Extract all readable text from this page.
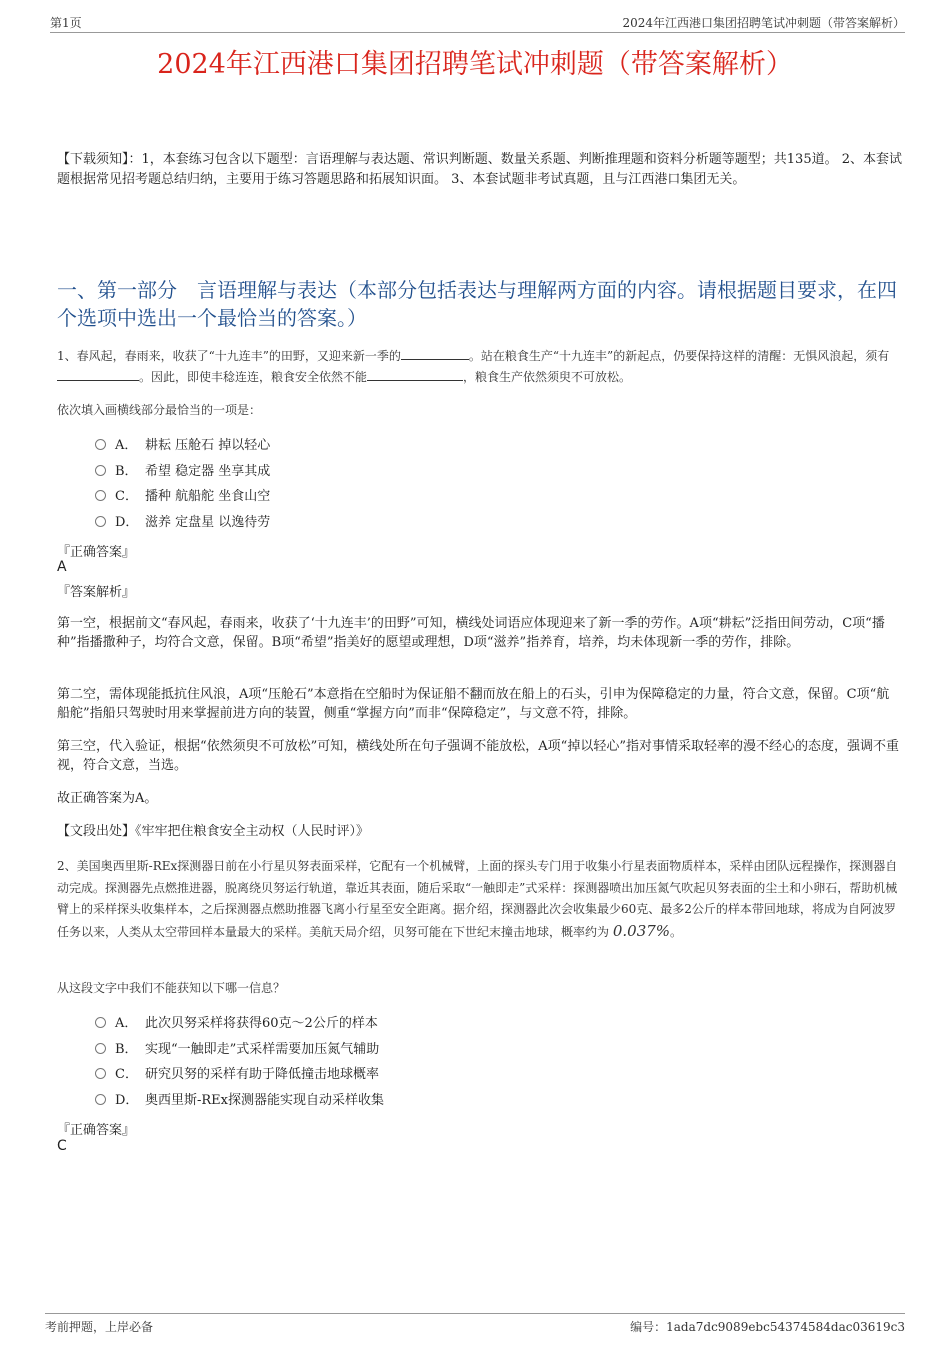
第1页	2024年江西港口集团招聘笔试冲刺题（带答案解析）
2024年江西港口集团招聘笔试冲刺题（带答案解析）
【下载须知】：1，本套练习包含以下题型：言语理解与表达题、常识判断题、数量关系题、判断推理题和资料分析题等题型；共135道。 2、本套试题根据常见招考题总结归纳，主要用于练习答题思路和拓展知识面。 3、本套试题非考试真题，且与江西港口集团无关。
一、第一部分　言语理解与表达（本部分包括表达与理解两方面的内容。请根据题目要求，在四个选项中选出一个最恰当的答案。）
1、春风起，春雨来，收获了“十九连丰”的田野，又迎来新一季的	。站在粮食生产“十九连丰”的新起点，仍要保持这样的清醒：无惧风浪起，须有。因此，即使丰稔连连，粮食安全依然不能	，粮食生产依然须臾不可放松。
依次填入画横线部分最恰当的一项是：
A． 耕耘 压舱石 掉以轻心
B． 希望 稳定器 坐享其成
C． 播种 航船舵 坐食山空
D． 滋养 定盘星 以逸待劳
『正确答案』
A
『答案解析』
第一空，根据前文“春风起，春雨来，收获了‘十九连丰’的田野”可知，横线处词语应体现迎来了新一季的劳作。A项“耕耘”泛指田间劳动，C项“播种”指播撒种子，均符合文意，保留。B项“希望”指美好的愿望或理想，D项“滋养”指养育，培养，均未体现新一季的劳作，排除。
第二空，需体现能抵抗住风浪，A项“压舱石”本意指在空船时为保证船不翻而放在船上的石头，引申为保障稳定的力量，符合文意，保留。C项“航船舵”指船只驾驶时用来掌握前进方向的装置，侧重“掌握方向”而非“保障稳定”，与文意不符，排除。
第三空，代入验证，根据“依然须臾不可放松”可知，横线处所在句子强调不能放松，A项“掉以轻心”指对事情采取轻率的漫不经心的态度，强调不重视，符合文意，当选。
故正确答案为A。
【文段出处】《牢牢把住粮食安全主动权（人民时评）》
2、美国奥西里斯-REx探测器日前在小行星贝努表面采样，它配有一个机械臂，上面的探头专门用于收集小行星表面物质样本，采样由团队远程操作，探测器自动完成。探测器先点燃推进器，脱离绕贝努运行轨道，靠近其表面，随后采取“一触即走”式采样：探测器喷出加压氮气吹起贝努表面的尘土和小卵石，帮助机械臂上的采样探头收集样本，之后探测器点燃助推器飞离小行星至安全距离。据介绍，探测器此次会收集最少60克、最多2公斤的样本带回地球，将成为自阿波罗任务以来，人类从太空带回样本量最大的采样。美航天局介绍，贝努可能在下世纪末撞击地球，概率约为 0.037%。
从这段文字中我们不能获知以下哪一信息？
A． 此次贝努采样将获得60克～2公斤的样本
B． 实现“一触即走”式采样需要加压氮气辅助
C． 研究贝努的采样有助于降低撞击地球概率
D． 奥西里斯-REx探测器能实现自动采样收集
『正确答案』
C
考前押题，上岸必备	编号：1ada7dc9089ebc54374584dac03619c3
